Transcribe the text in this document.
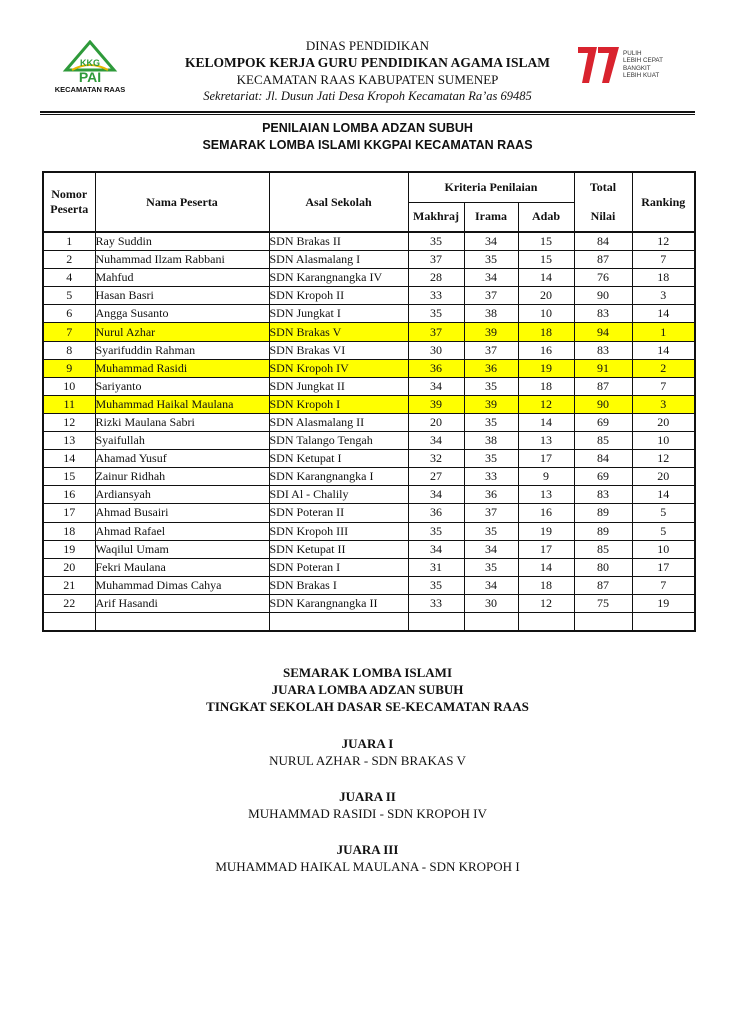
KKG
PAI
KECAMATAN RAAS
DINAS PENDIDIKAN
KELOMPOK KERJA GURU PENDIDIKAN AGAMA ISLAM
KECAMATAN RAAS KABUPATEN SUMENEP
Sekretariat: Jl. Dusun Jati Desa Kropoh Kecamatan Ra’as 69485
PULIH
LEBIH CEPAT
BANGKIT
LEBIH KUAT
PENILAIAN LOMBA ADZAN SUBUH
SEMARAK LOMBA ISLAMI KKGPAI KECAMATAN RAAS
Nomor Peserta	Nama Peserta	Asal Sekolah	Kriteria Penilaian			Total	Ranking
			Makhraj	Irama	Adab	Nilai	
1	Ray Suddin	SDN Brakas II	35	34	15	84	12
2	Nuhammad Ilzam Rabbani	SDN Alasmalang I	37	35	15	87	7
4	Mahfud	SDN Karangnangka IV	28	34	14	76	18
5	Hasan Basri	SDN Kropoh II	33	37	20	90	3
6	Angga Susanto	SDN Jungkat I	35	38	10	83	14
7	Nurul Azhar	SDN Brakas V	37	39	18	94	1
8	Syarifuddin Rahman	SDN Brakas VI	30	37	16	83	14
9	Muhammad Rasidi	SDN Kropoh IV	36	36	19	91	2
10	Sariyanto	SDN Jungkat II	34	35	18	87	7
11	Muhammad Haikal Maulana	SDN Kropoh I	39	39	12	90	3
12	Rizki Maulana Sabri	SDN Alasmalang II	20	35	14	69	20
13	Syaifullah	SDN Talango Tengah	34	38	13	85	10
14	Ahamad Yusuf	SDN Ketupat I	32	35	17	84	12
15	Zainur Ridhah	SDN Karangnangka I	27	33	9	69	20
16	Ardiansyah	SDI Al - Chalily	34	36	13	83	14
17	Ahmad Busairi	SDN Poteran II	36	37	16	89	5
18	Ahmad Rafael	SDN Kropoh III	35	35	19	89	5
19	Waqilul Umam	SDN Ketupat II	34	34	17	85	10
20	Fekri Maulana	SDN Poteran I	31	35	14	80	17
21	Muhammad Dimas Cahya	SDN Brakas I	35	34	18	87	7
22	Arif Hasandi	SDN Karangnangka II	33	30	12	75	19

SEMARAK LOMBA ISLAMI
JUARA LOMBA ADZAN SUBUH
TINGKAT SEKOLAH DASAR SE-KECAMATAN RAAS
JUARA I
NURUL AZHAR - SDN BRAKAS V
JUARA II
MUHAMMAD RASIDI - SDN KROPOH IV
JUARA III
MUHAMMAD HAIKAL MAULANA - SDN KROPOH I
